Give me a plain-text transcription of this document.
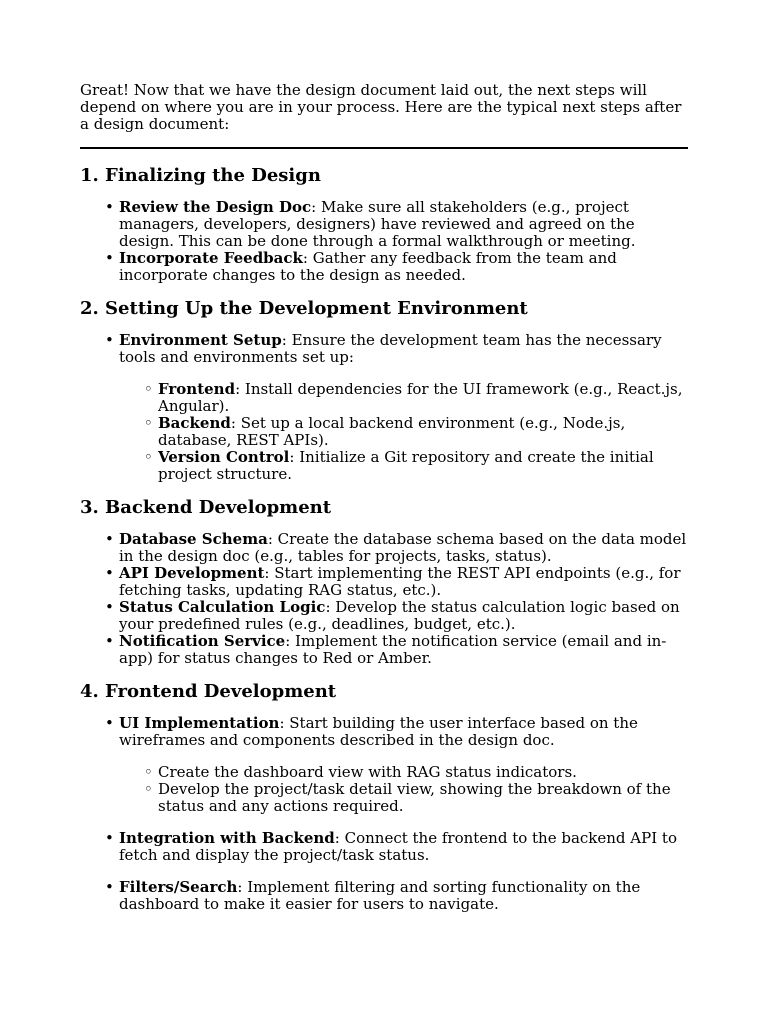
Great! Now that we have the design document laid out, the next steps will depend on where you are in your process. Here are the typical next steps after a design document:

1. Finalizing the Design
• Review the Design Doc: Make sure all stakeholders (e.g., project managers, developers, designers) have reviewed and agreed on the design. This can be done through a formal walkthrough or meeting.
• Incorporate Feedback: Gather any feedback from the team and incorporate changes to the design as needed.
2. Setting Up the Development Environment
• Environment Setup: Ensure the development team has the necessary tools and environments set up:
◦ Frontend: Install dependencies for the UI framework (e.g., React.js, Angular).
◦ Backend: Set up a local backend environment (e.g., Node.js, database, REST APIs).
◦ Version Control: Initialize a Git repository and create the initial project structure.
3. Backend Development
• Database Schema: Create the database schema based on the data model in the design doc (e.g., tables for projects, tasks, status).
• API Development: Start implementing the REST API endpoints (e.g., for fetching tasks, updating RAG status, etc.).
• Status Calculation Logic: Develop the status calculation logic based on your predefined rules (e.g., deadlines, budget, etc.).
• Notification Service: Implement the notification service (email and in-app) for status changes to Red or Amber.
4. Frontend Development
• UI Implementation: Start building the user interface based on the wireframes and components described in the design doc.
◦ Create the dashboard view with RAG status indicators.
◦ Develop the project/task detail view, showing the breakdown of the status and any actions required.
• Integration with Backend: Connect the frontend to the backend API to fetch and display the project/task status.
• Filters/Search: Implement filtering and sorting functionality on the dashboard to make it easier for users to navigate.
